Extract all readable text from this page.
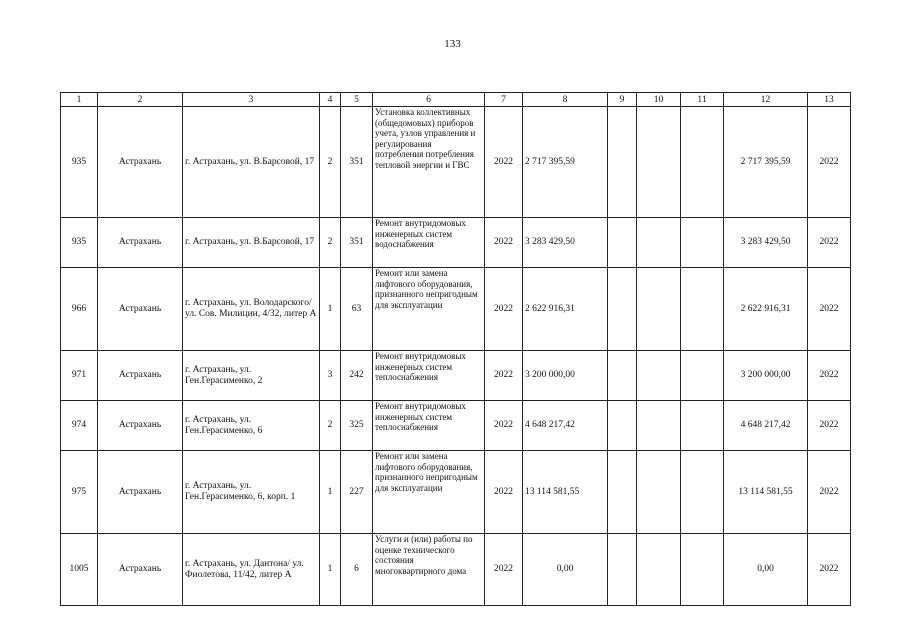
133
1	2	3	4	5	6	7	8	9	10	11	12	13
935	Астрахань	г. Астрахань, ул. В.Барсовой, 17	2	351	Установка коллективных (общедомовых) приборов учета, узлов управления и регулирования потребления потребления тепловой энергии и ГВС	2022	2 717 395,59				2 717 395,59	2022
935	Астрахань	г. Астрахань, ул. В.Барсовой, 17	2	351	Ремонт внутридомовых инженерных систем водоснабжения	2022	3 283 429,50				3 283 429,50	2022
966	Астрахань	г. Астрахань, ул. Володарского/ ул. Сов. Милиции, 4/32, литер А	1	63	Ремонт или замена лифтового оборудования, признанного непригодным для эксплуатации	2022	2 622 916,31				2 622 916,31	2022
971	Астрахань	г. Астрахань, ул. Ген.Герасименко, 2	3	242	Ремонт внутридомовых инженерных систем теплоснабжения	2022	3 200 000,00				3 200 000,00	2022
974	Астрахань	г. Астрахань, ул. Ген.Герасименко, 6	2	325	Ремонт внутридомовых инженерных систем теплоснабжения	2022	4 648 217,42				4 648 217,42	2022
975	Астрахань	г. Астрахань, ул. Ген.Герасименко, 6, корп. 1	1	227	Ремонт или замена лифтового оборудования, признанного непригодным для эксплуатации	2022	13 114 581,55				13 114 581,55	2022
1005	Астрахань	г. Астрахань, ул. Дантона/ ул. Фиолетова, 11/42, литер А	1	6	Услуги и (или) работы по оценке технического состояния многоквартирного дома	2022	0,00				0,00	2022
